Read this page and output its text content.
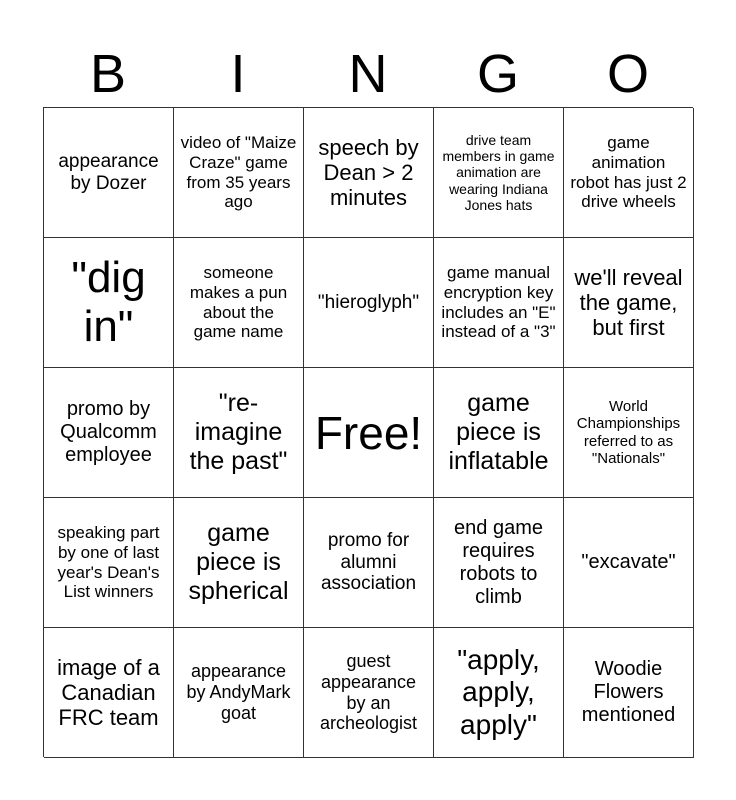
B	I	N	G	O
appearance by Dozer
video of "Maize Craze" game from 35 years ago
speech by Dean > 2 minutes
drive team members in game animation are wearing Indiana Jones hats
game animation robot has just 2 drive wheels
"dig in"
someone makes a pun about the game name
"hieroglyph"
game manual encryption key includes an "E" instead of a "3"
we'll reveal the game, but first
promo by Qualcomm employee
"re-imagine the past"
Free!
game piece is inflatable
World Championships referred to as "Nationals"
speaking part by one of last year's Dean's List winners
game piece is spherical
promo for alumni association
end game requires robots to climb
"excavate"
image of a Canadian FRC team
appearance by AndyMark goat
guest appearance by an archeologist
"apply, apply, apply"
Woodie Flowers mentioned
